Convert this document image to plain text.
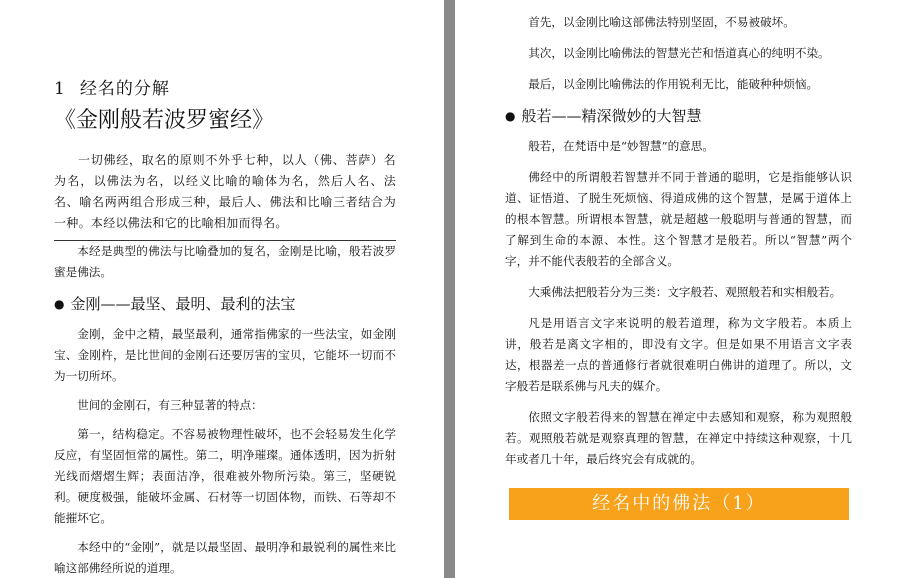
1 经名的分解
《金刚般若波罗蜜经》

一切佛经，取名的原则不外乎七种，以人（佛、菩萨）名为名，以佛法为名，以经义比喻的喻体为名，然后人名、法名、喻名两两组合形成三种，最后人、佛法和比喻三者结合为一种。本经以佛法和它的比喻相加而得名。

本经是典型的佛法与比喻叠加的复名，金刚是比喻，般若波罗蜜是佛法。

● 金刚——最坚、最明、最利的法宝

金刚，金中之精，最坚最利，通常指佛家的一些法宝，如金刚宝、金刚杵，是比世间的金刚石还要厉害的宝贝，它能坏一切而不为一切所坏。

世间的金刚石，有三种显著的特点：

第一，结构稳定。不容易被物理性破坏，也不会轻易发生化学反应，有坚固恒常的属性。第二，明净璀璨。通体透明，因为折射光线而熠熠生辉；表面洁净，很难被外物所污染。第三，坚硬锐利。硬度极强，能破坏金属、石材等一切固体物，而铁、石等却不能摧坏它。

本经中的“金刚”，就是以最坚固、最明净和最锐利的属性来比喻这部佛经所说的道理。

首先，以金刚比喻这部佛法特别坚固，不易被破坏。

其次，以金刚比喻佛法的智慧光芒和悟道真心的纯明不染。

最后，以金刚比喻佛法的作用锐利无比，能破种种烦恼。

● 般若——精深微妙的大智慧

般若，在梵语中是“妙智慧”的意思。

佛经中的所谓般若智慧并不同于普通的聪明，它是指能够认识道、证悟道、了脱生死烦恼、得道成佛的这个智慧，是属于道体上的根本智慧。所谓根本智慧，就是超越一般聪明与普通的智慧，而了解到生命的本源、本性。这个智慧才是般若。所以“智慧”两个字，并不能代表般若的全部含义。

大乘佛法把般若分为三类：文字般若、观照般若和实相般若。

凡是用语言文字来说明的般若道理，称为文字般若。本质上讲，般若是离文字相的，即没有文字。但是如果不用语言文字表达，根器差一点的普通修行者就很难明白佛讲的道理了。所以，文字般若是联系佛与凡夫的媒介。

依照文字般若得来的智慧在禅定中去感知和观察，称为观照般若。观照般若就是观察真理的智慧，在禅定中持续这种观察，十几年或者几十年，最后终究会有成就的。

经名中的佛法（1）
